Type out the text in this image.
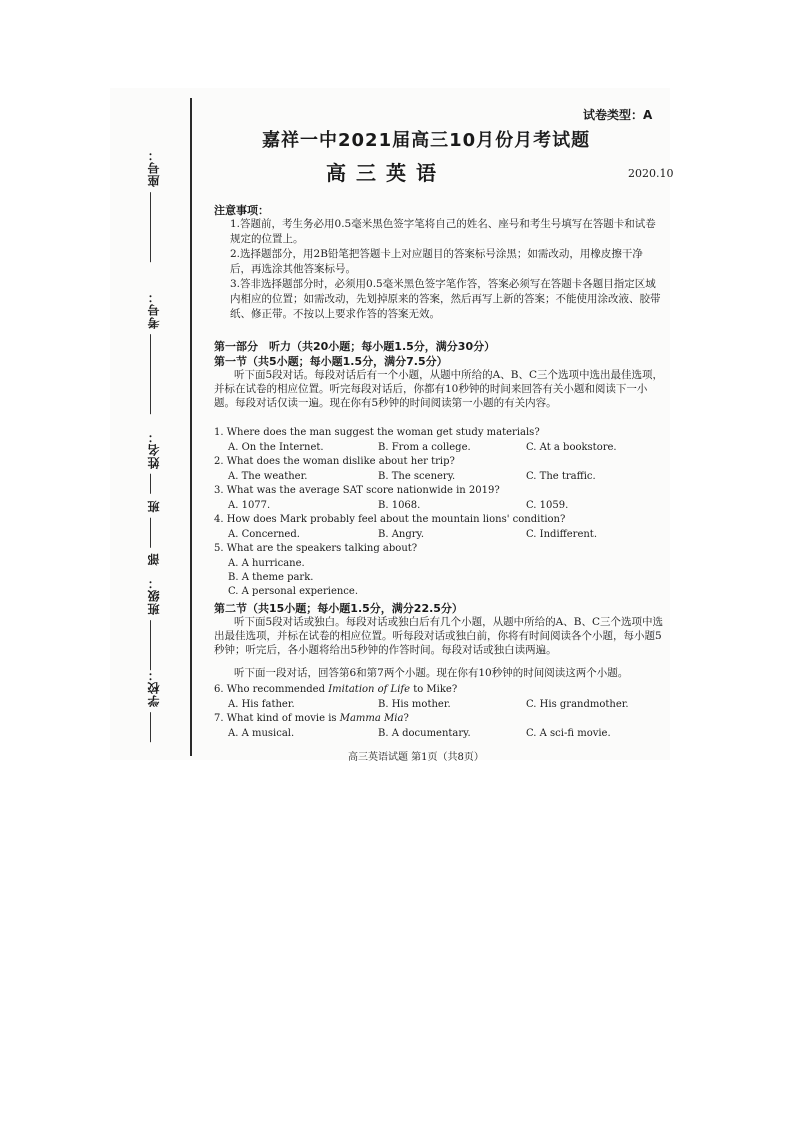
座号：
考号：
部  班  姓名：
班级：
学校：
试卷类型：A
嘉祥一中2021届高三10月份月考试题
高三英语	2020.10
注意事项：
1.答题前，考生务必用0.5毫米黑色签字笔将自己的姓名、座号和考生号填写在答题卡和试卷规定的位置上。
2.选择题部分，用2B铅笔把答题卡上对应题目的答案标号涂黑；如需改动，用橡皮擦干净后，再选涂其他答案标号。
3.答非选择题部分时，必须用0.5毫米黑色签字笔作答，答案必须写在答题卡各题目指定区域内相应的位置；如需改动，先划掉原来的答案，然后再写上新的答案；不能使用涂改液、胶带纸、修正带。不按以上要求作答的答案无效。
第一部分　听力（共20小题；每小题1.5分，满分30分）
第一节（共5小题；每小题1.5分，满分7.5分）
听下面5段对话。每段对话后有一个小题，从题中所给的A、B、C三个选项中选出最佳选项，并标在试卷的相应位置。听完每段对话后，你都有10秒钟的时间来回答有关小题和阅读下一小题。每段对话仅读一遍。现在你有5秒钟的时间阅读第一小题的有关内容。
1. Where does the man suggest the woman get study materials?
A. On the Internet.	B. From a college.	C. At a bookstore.
2. What does the woman dislike about her trip?
A. The weather.	B. The scenery.	C. The traffic.
3. What was the average SAT score nationwide in 2019?
A. 1077.	B. 1068.	C. 1059.
4. How does Mark probably feel about the mountain lions' condition?
A. Concerned.	B. Angry.	C. Indifferent.
5. What are the speakers talking about?
A. A hurricane.
B. A theme park.
C. A personal experience.
第二节（共15小题；每小题1.5分，满分22.5分）
听下面5段对话或独白。每段对话或独白后有几个小题，从题中所给的A、B、C三个选项中选出最佳选项，并标在试卷的相应位置。听每段对话或独白前，你将有时间阅读各个小题，每小题5秒钟；听完后，各小题将给出5秒钟的作答时间。每段对话或独白读两遍。
听下面一段对话，回答第6和第7两个小题。现在你有10秒钟的时间阅读这两个小题。
6. Who recommended Imitation of Life to Mike?
A. His father.	B. His mother.	C. His grandmother.
7. What kind of movie is Mamma Mia?
A. A musical.	B. A documentary.	C. A sci-fi movie.
高三英语试题 第1页（共8页）
